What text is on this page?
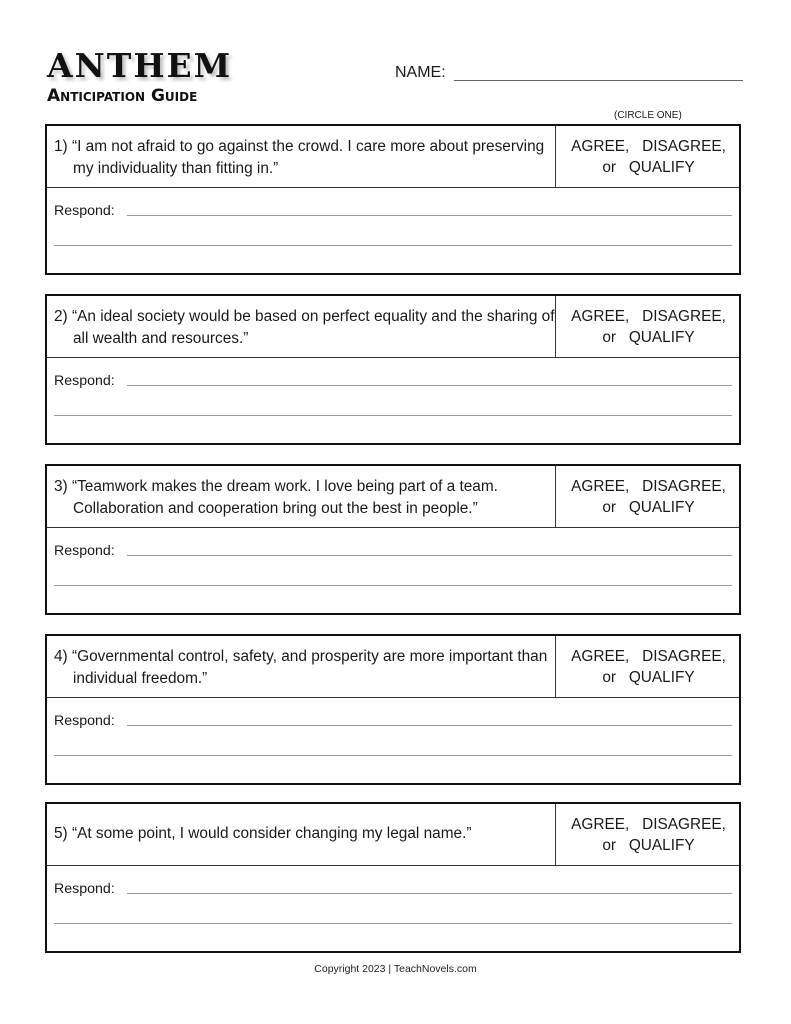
ANTHEM
Anticipation Guide
NAME:
(CIRCLE ONE)
1) “I am not afraid to go against the crowd. I care more about preserving my individuality than fitting in.”
AGREE,   DISAGREE,
or   QUALIFY
Respond:
2) “An ideal society would be based on perfect equality and the sharing of all wealth and resources.”
AGREE,   DISAGREE,
or   QUALIFY
Respond:
3) “Teamwork makes the dream work. I love being part of a team. Collaboration and cooperation bring out the best in people.”
AGREE,   DISAGREE,
or   QUALIFY
Respond:
4) “Governmental control, safety, and prosperity are more important than individual freedom.”
AGREE,   DISAGREE,
or   QUALIFY
Respond:
5) “At some point, I would consider changing my legal name.”
AGREE,   DISAGREE,
or   QUALIFY
Respond:
Copyright 2023 | TeachNovels.com
